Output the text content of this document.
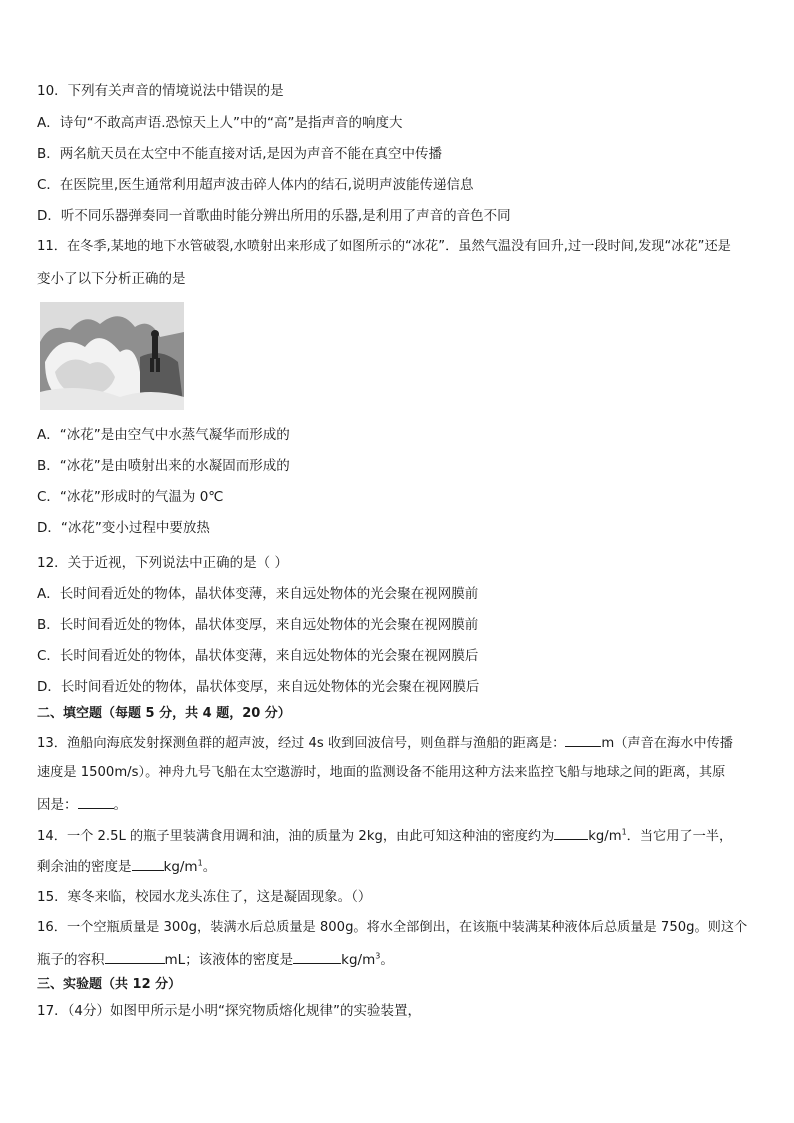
10．下列有关声音的情境说法中错误的是
A．诗句“不敢高声语.恐惊天上人”中的“高”是指声音的响度大
B．两名航天员在太空中不能直接对话,是因为声音不能在真空中传播
C．在医院里,医生通常利用超声波击碎人体内的结石,说明声波能传递信息
D．听不同乐器弹奏同一首歌曲时能分辨出所用的乐器,是利用了声音的音色不同
11．在冬季,某地的地下水管破裂,水喷射出来形成了如图所示的“冰花”．虽然气温没有回升,过一段时间,发现“冰花”还是
变小了以下分析正确的是
A．“冰花”是由空气中水蒸气凝华而形成的
B．“冰花”是由喷射出来的水凝固而形成的
C．“冰花”形成时的气温为 0℃
D．“冰花”变小过程中要放热
12．关于近视，下列说法中正确的是（ ）
A．长时间看近处的物体，晶状体变薄，来自远处物体的光会聚在视网膜前
B．长时间看近处的物体，晶状体变厚，来自远处物体的光会聚在视网膜前
C．长时间看近处的物体，晶状体变薄，来自远处物体的光会聚在视网膜后
D．长时间看近处的物体，晶状体变厚，来自远处物体的光会聚在视网膜后
二、填空题（每题 5 分，共 4 题，20 分）
13．渔船向海底发射探测鱼群的超声波，经过 4s 收到回波信号，则鱼群与渔船的距离是：	m（声音在海水中传播
速度是 1500m/s）。神舟九号飞船在太空遨游时，地面的监测设备不能用这种方法来监控飞船与地球之间的距离，其原
因是：	。
14．一个 2.5L 的瓶子里装满食用调和油，油的质量为 2kg，由此可知这种油的密度约为	$kg/m^1$．当它用了一半，
剩余油的密度是 $kg/m^1$。
15．寒冬来临，校园水龙头冻住了，这是凝固现象。（）
16．一个空瓶质量是 300g，装满水后总质量是 800g。将水全部倒出，在该瓶中装满某种液体后总质量是 750g。则这个
瓶子的容积	mL；该液体的密度是	$kg/m^3$。
三、实验题（共 12 分）
17．（4分）如图甲所示是小明“探究物质熔化规律”的实验装置，
